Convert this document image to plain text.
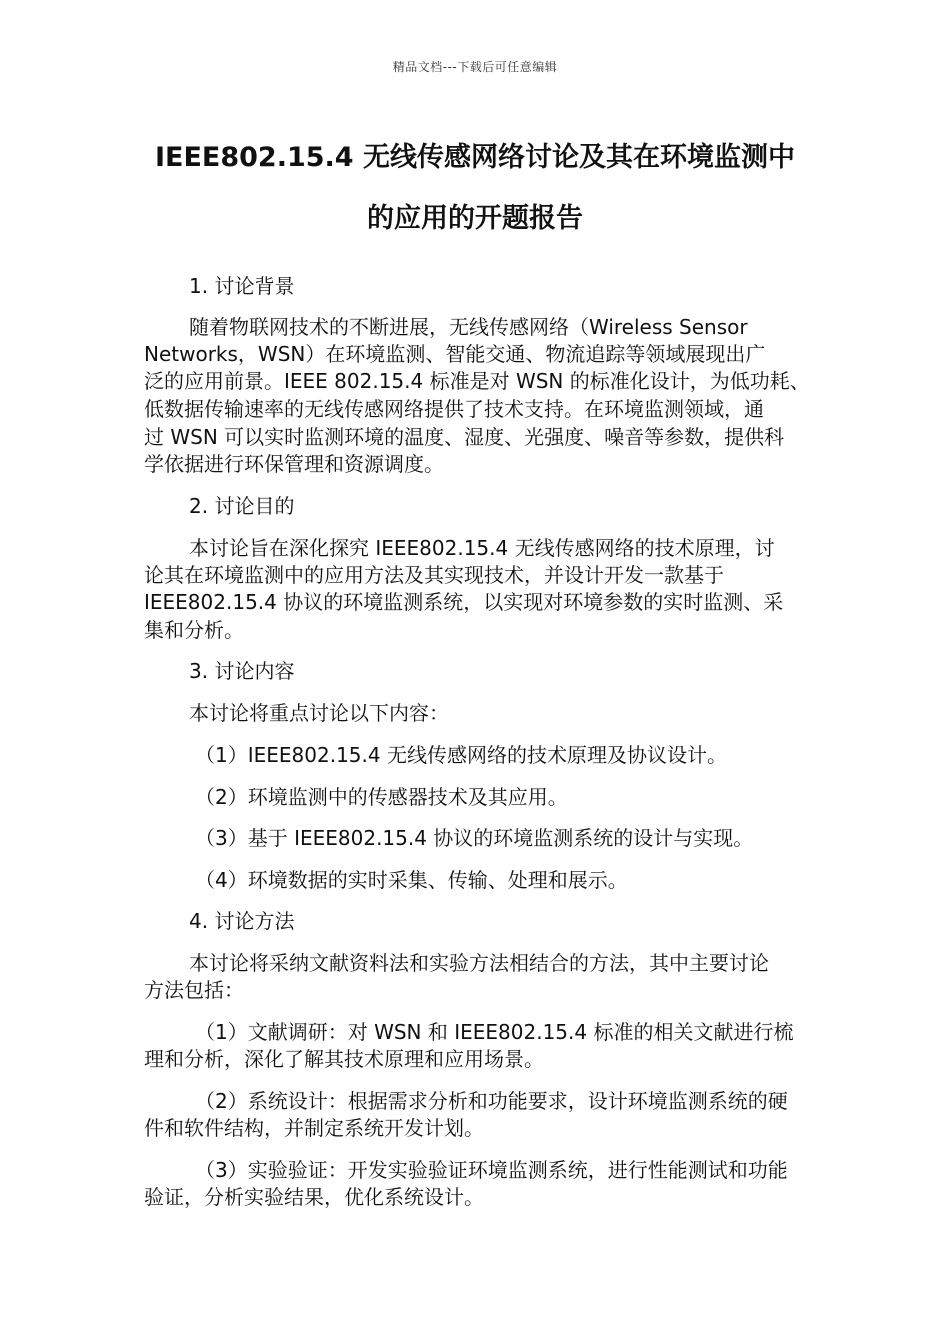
精品文档---下载后可任意编辑
IEEE802.15.4 无线传感网络讨论及其在环境监测中
的应用的开题报告
1. 讨论背景
随着物联网技术的不断进展，无线传感网络（Wireless Sensor
Networks，WSN）在环境监测、智能交通、物流追踪等领域展现出广
泛的应用前景。IEEE 802.15.4 标准是对 WSN 的标准化设计，为低功耗、
低数据传输速率的无线传感网络提供了技术支持。在环境监测领域，通
过 WSN 可以实时监测环境的温度、湿度、光强度、噪音等参数，提供科
学依据进行环保管理和资源调度。
2. 讨论目的
本讨论旨在深化探究 IEEE802.15.4 无线传感网络的技术原理，讨
论其在环境监测中的应用方法及其实现技术，并设计开发一款基于
IEEE802.15.4 协议的环境监测系统，以实现对环境参数的实时监测、采
集和分析。
3. 讨论内容
本讨论将重点讨论以下内容：
（1）IEEE802.15.4 无线传感网络的技术原理及协议设计。
（2）环境监测中的传感器技术及其应用。
（3）基于 IEEE802.15.4 协议的环境监测系统的设计与实现。
（4）环境数据的实时采集、传输、处理和展示。
4. 讨论方法
本讨论将采纳文献资料法和实验方法相结合的方法，其中主要讨论
方法包括：
（1）文献调研：对 WSN 和 IEEE802.15.4 标准的相关文献进行梳
理和分析，深化了解其技术原理和应用场景。
（2）系统设计：根据需求分析和功能要求，设计环境监测系统的硬
件和软件结构，并制定系统开发计划。
（3）实验验证：开发实验验证环境监测系统，进行性能测试和功能
验证，分析实验结果，优化系统设计。
